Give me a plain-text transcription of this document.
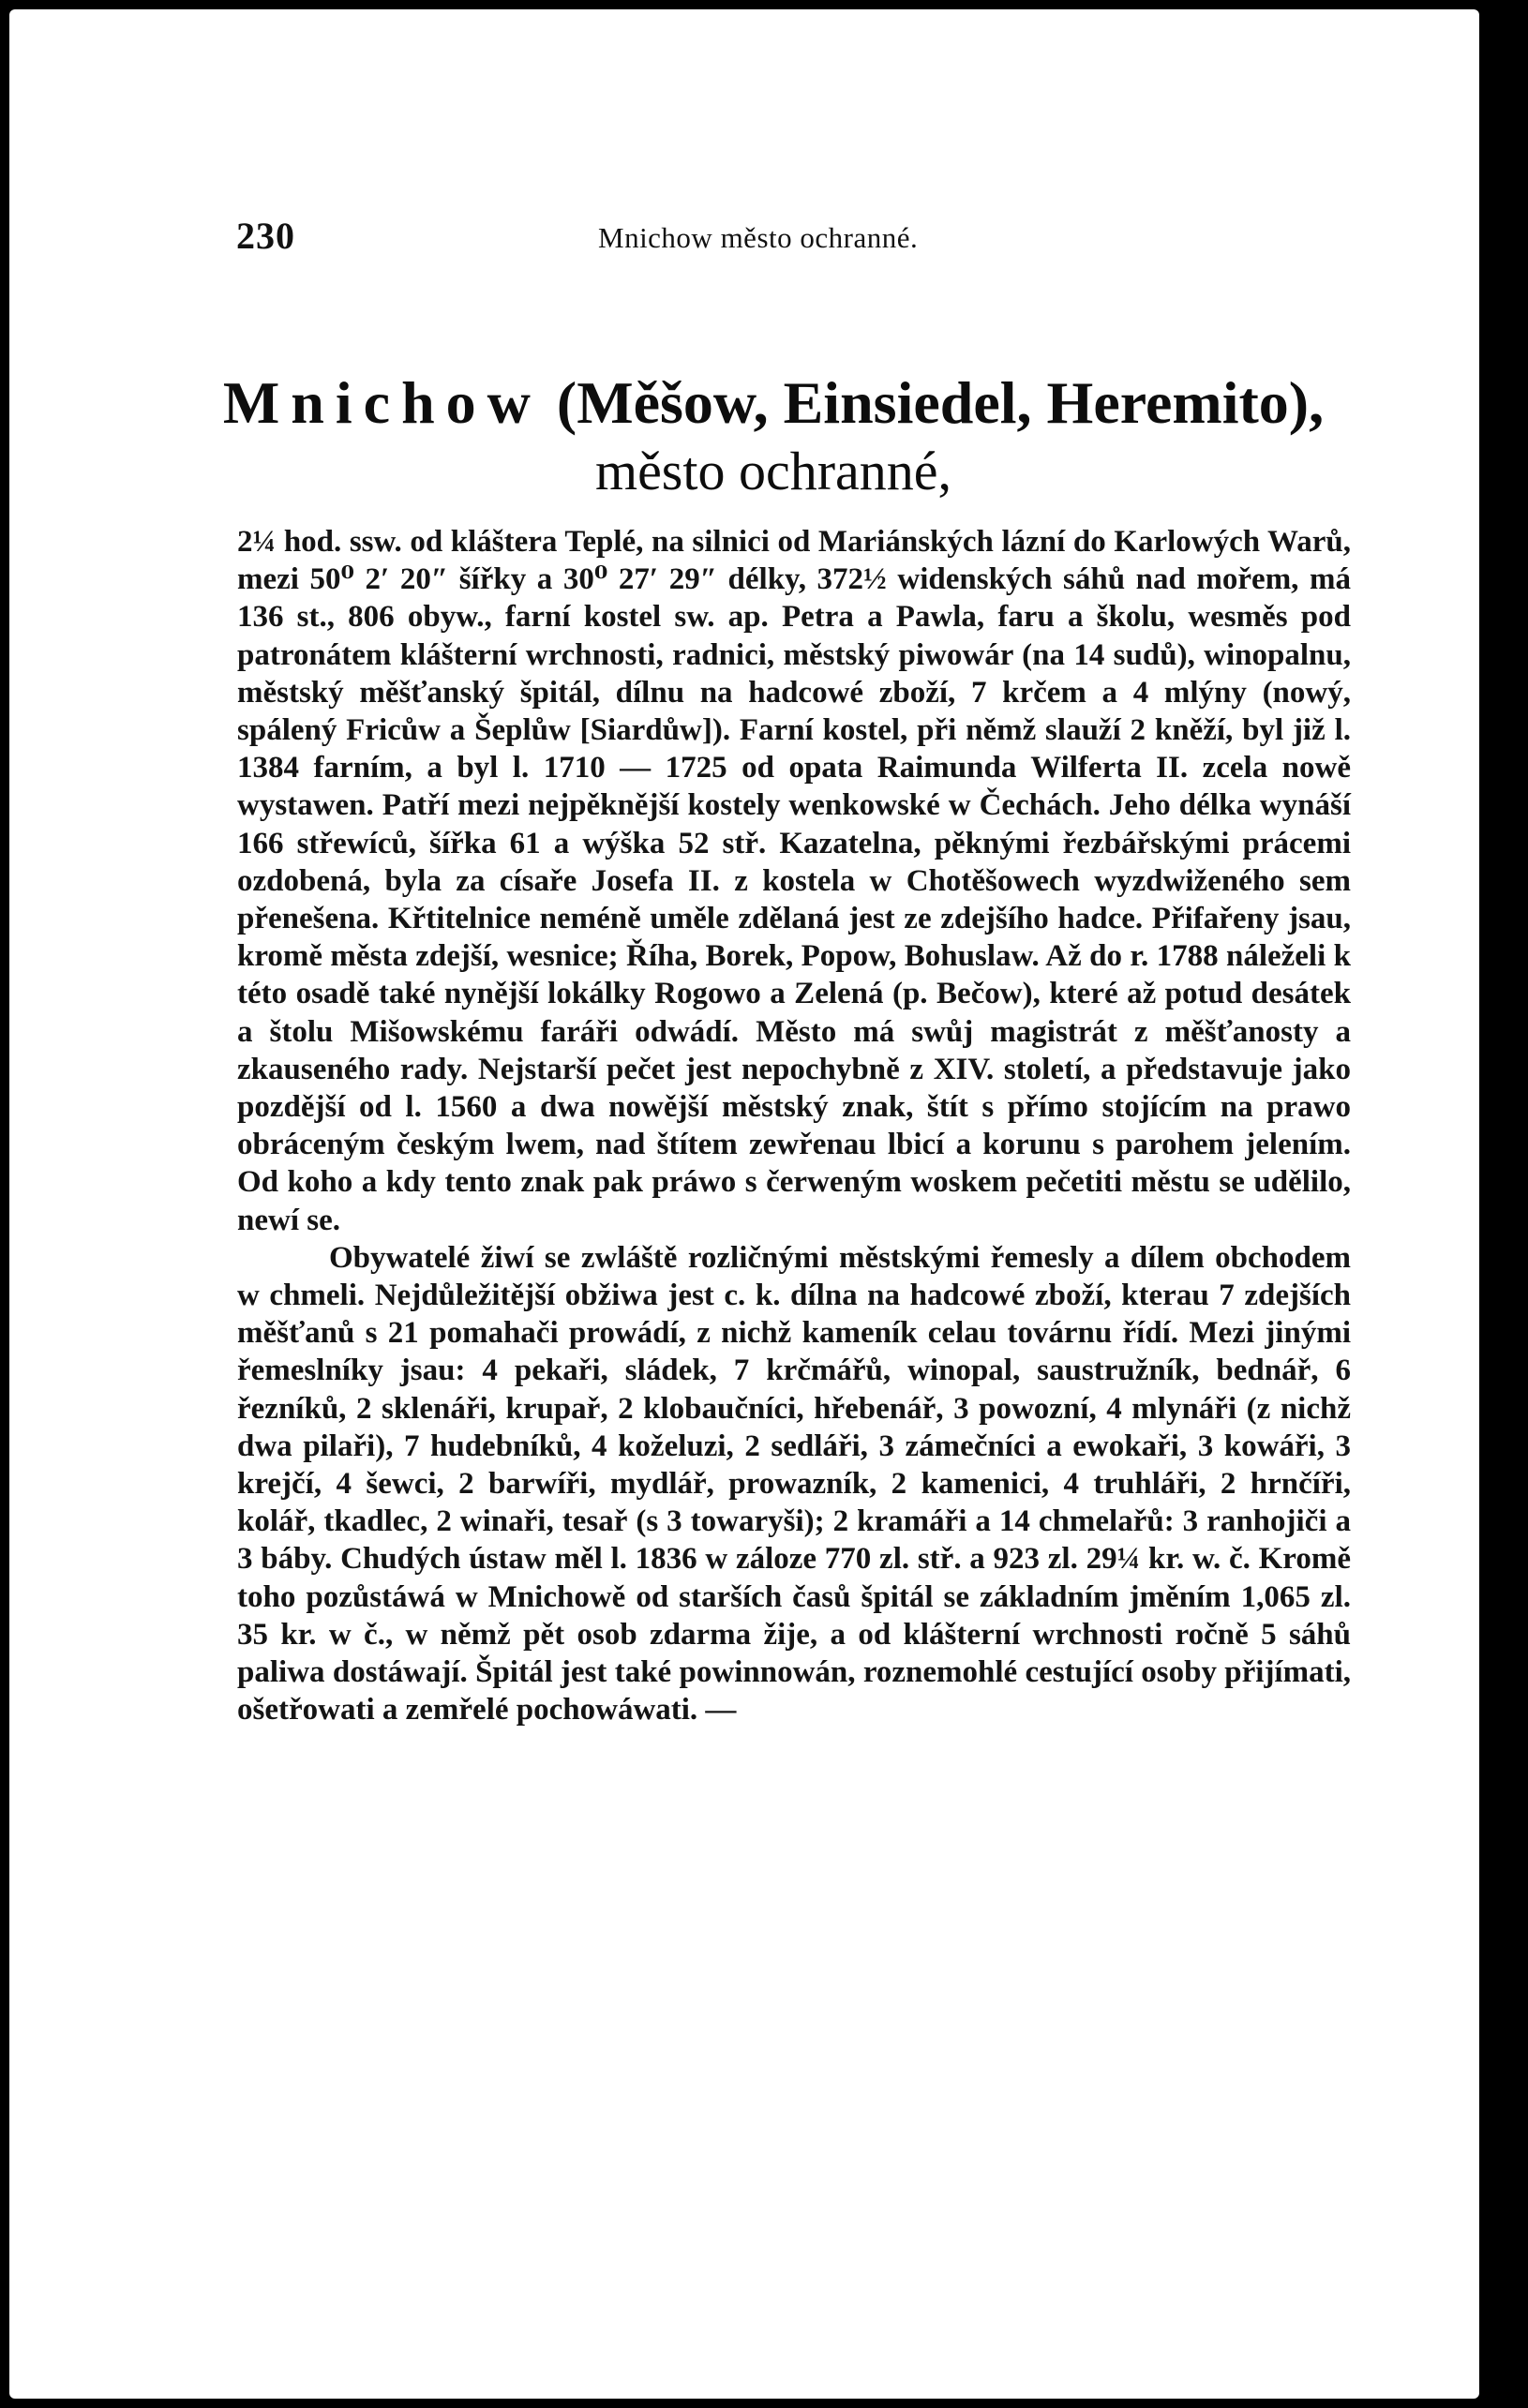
230	Mnichow město ochranné.
Mnichow (Měšow, Einsiedel, Heremito),
město ochranné,

2¼ hod. ssw. od kláštera Teplé, na silnici od Mariánských lázní do Karlowých Warů, mezi 50⁰ 2′ 20″ šířky a 30⁰ 27′ 29″ délky, 372½ widenských sáhů nad mořem, má 136 st., 806 obyw., farní kostel sw. ap. Petra a Pawla, faru a školu, wesměs pod patronátem klášterní wrchnosti, radnici, městský piwowár (na 14 sudů), winopalnu, městský měšťanský špitál, dílnu na hadcowé zboží, 7 krčem a 4 mlýny (nowý, spálený Fricůw a Šeplůw [Siardůw]). Farní kostel, při němž slauží 2 kněží, byl již l. 1384 farním, a byl l. 1710 — 1725 od opata Raimunda Wilferta II. zcela nowě wystawen. Patří mezi nejpěknější kostely wenkowské w Čechách. Jeho délka wynáší 166 střewíců, šířka 61 a wýška 52 stř. Kazatelna, pěknými řezbářskými prácemi ozdobená, byla za císaře Josefa II. z kostela w Chotěšowech wyzdwiženého sem přenešena. Křtitelnice neméně uměle zdělaná jest ze zdejšího hadce. Přifařeny jsau, kromě města zdejší, wesnice; Říha, Borek, Popow, Bohuslaw. Až do r. 1788 náleželi k této osadě také nynější lokálky Rogowo a Zelená (p. Bečow), které až potud desátek a štolu Mišowskému faráři odwádí. Město má swůj magistrát z měšťanosty a zkauseného rady. Nejstarší pečet jest nepochybně z XIV. století, a představuje jako pozdější od l. 1560 a dwa nowější městský znak, štít s přímo stojícím na prawo obráceným českým lwem, nad štítem zewřenau lbicí a korunu s parohem jelením. Od koho a kdy tento znak pak práwo s čerweným woskem pečetiti městu se udělilo, newí se.

Obywatelé žiwí se zwláště rozličnými městskými řemesly a dílem obchodem w chmeli. Nejdůležitější obžiwa jest c. k. dílna na hadcowé zboží, kterau 7 zdejších měšťanů s 21 pomahači prowádí, z nichž kameník celau továrnu řídí. Mezi jinými řemeslníky jsau: 4 pekaři, sládek, 7 krčmářů, winopal, saustružník, bednář, 6 řezníků, 2 sklenáři, krupař, 2 klobaučníci, hřebenář, 3 powozní, 4 mlynáři (z nichž dwa pilaři), 7 hudebníků, 4 koželuzi, 2 sedláři, 3 zámečníci a ewokaři, 3 kowáři, 3 krejčí, 4 šewci, 2 barwíři, mydlář, prowazník, 2 kamenici, 4 truhláři, 2 hrnčíři, kolář, tkadlec, 2 winaři, tesař (s 3 towaryši); 2 kramáři a 14 chmelařů: 3 ranhojiči a 3 báby. Chudých ústaw měl l. 1836 w záloze 770 zl. stř. a 923 zl. 29¼ kr. w. č. Kromě toho pozůstáwá w Mnichowě od starších časů špitál se základním jměním 1,065 zl. 35 kr. w č., w němž pět osob zdarma žije, a od klášterní wrchnosti ročně 5 sáhů paliwa dostáwají. Špitál jest také powinnowán, roznemohlé cestující osoby přijímati, ošetřowati a zemřelé pochowáwati. —
